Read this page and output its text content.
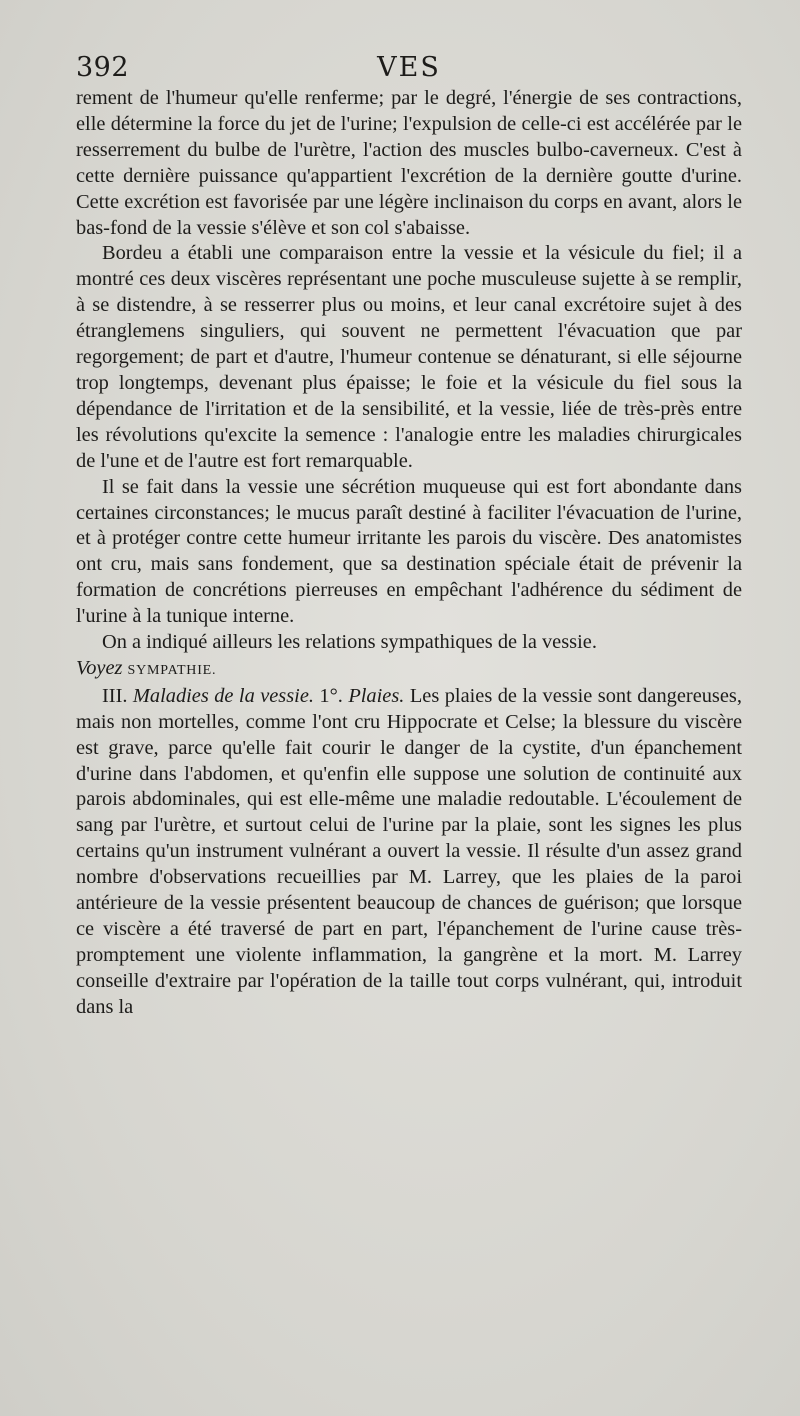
392	VES

rement de l'humeur qu'elle renferme; par le degré, l'énergie de ses contractions, elle détermine la force du jet de l'urine; l'expulsion de celle-ci est accélérée par le resserrement du bulbe de l'urètre, l'action des muscles bulbo-caverneux. C'est à cette dernière puissance qu'appartient l'excrétion de la dernière goutte d'urine. Cette excrétion est favorisée par une légère inclinaison du corps en avant, alors le bas-fond de la vessie s'élève et son col s'abaisse.

Bordeu a établi une comparaison entre la vessie et la vésicule du fiel; il a montré ces deux viscères représentant une poche musculeuse sujette à se remplir, à se distendre, à se resserrer plus ou moins, et leur canal excrétoire sujet à des étranglemens singuliers, qui souvent ne permettent l'évacuation que par regorgement; de part et d'autre, l'humeur contenue se dénaturant, si elle séjourne trop longtemps, devenant plus épaisse; le foie et la vésicule du fiel sous la dépendance de l'irritation et de la sensibilité, et la vessie, liée de très-près entre les révolutions qu'excite la semence : l'analogie entre les maladies chirurgicales de l'une et de l'autre est fort remarquable.

Il se fait dans la vessie une sécrétion muqueuse qui est fort abondante dans certaines circonstances; le mucus paraît destiné à faciliter l'évacuation de l'urine, et à protéger contre cette humeur irritante les parois du viscère. Des anatomistes ont cru, mais sans fondement, que sa destination spéciale était de prévenir la formation de concrétions pierreuses en empêchant l'adhérence du sédiment de l'urine à la tunique interne.

On a indiqué ailleurs les relations sympathiques de la vessie.
Voyez SYMPATHIE.

III. Maladies de la vessie. 1°. Plaies. Les plaies de la vessie sont dangereuses, mais non mortelles, comme l'ont cru Hippocrate et Celse; la blessure du viscère est grave, parce qu'elle fait courir le danger de la cystite, d'un épanchement d'urine dans l'abdomen, et qu'enfin elle suppose une solution de continuité aux parois abdominales, qui est elle-même une maladie redoutable. L'écoulement de sang par l'urètre, et surtout celui de l'urine par la plaie, sont les signes les plus certains qu'un instrument vulnérant a ouvert la vessie. Il résulte d'un assez grand nombre d'observations recueillies par M. Larrey, que les plaies de la paroi antérieure de la vessie présentent beaucoup de chances de guérison; que lorsque ce viscère a été traversé de part en part, l'épanchement de l'urine cause très-promptement une violente inflammation, la gangrène et la mort. M. Larrey conseille d'extraire par l'opération de la taille tout corps vulnérant, qui, introduit dans la
